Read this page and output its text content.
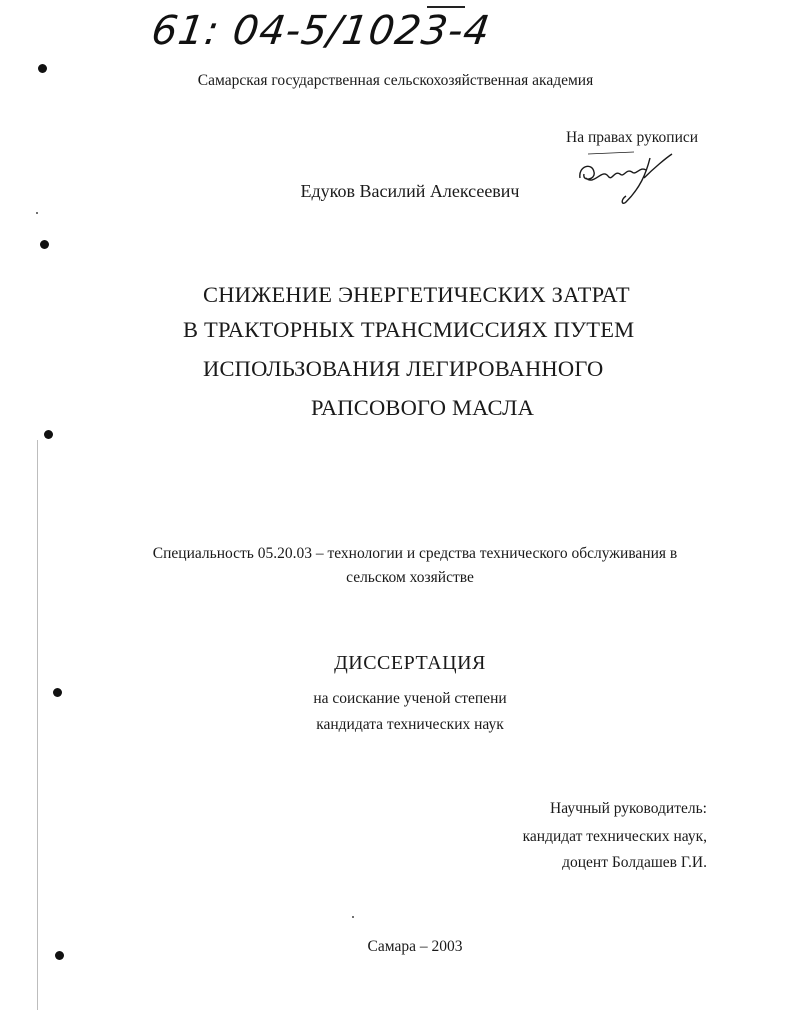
61: 04-5/1023-4
Самарская государственная сельскохозяйственная академия
На правах рукописи
Едуков Василий Алексеевич
СНИЖЕНИЕ ЭНЕРГЕТИЧЕСКИХ ЗАТРАТ
В ТРАКТОРНЫХ ТРАНСМИССИЯХ ПУТЕМ
ИСПОЛЬЗОВАНИЯ ЛЕГИРОВАННОГО
РАПСОВОГО МАСЛА
Специальность 05.20.03 – технологии и средства технического обслуживания в
сельском хозяйстве
ДИССЕРТАЦИЯ
на соискание ученой степени
кандидата технических наук
Научный руководитель:
кандидат технических наук,
доцент Болдашев Г.И.
Самара – 2003
